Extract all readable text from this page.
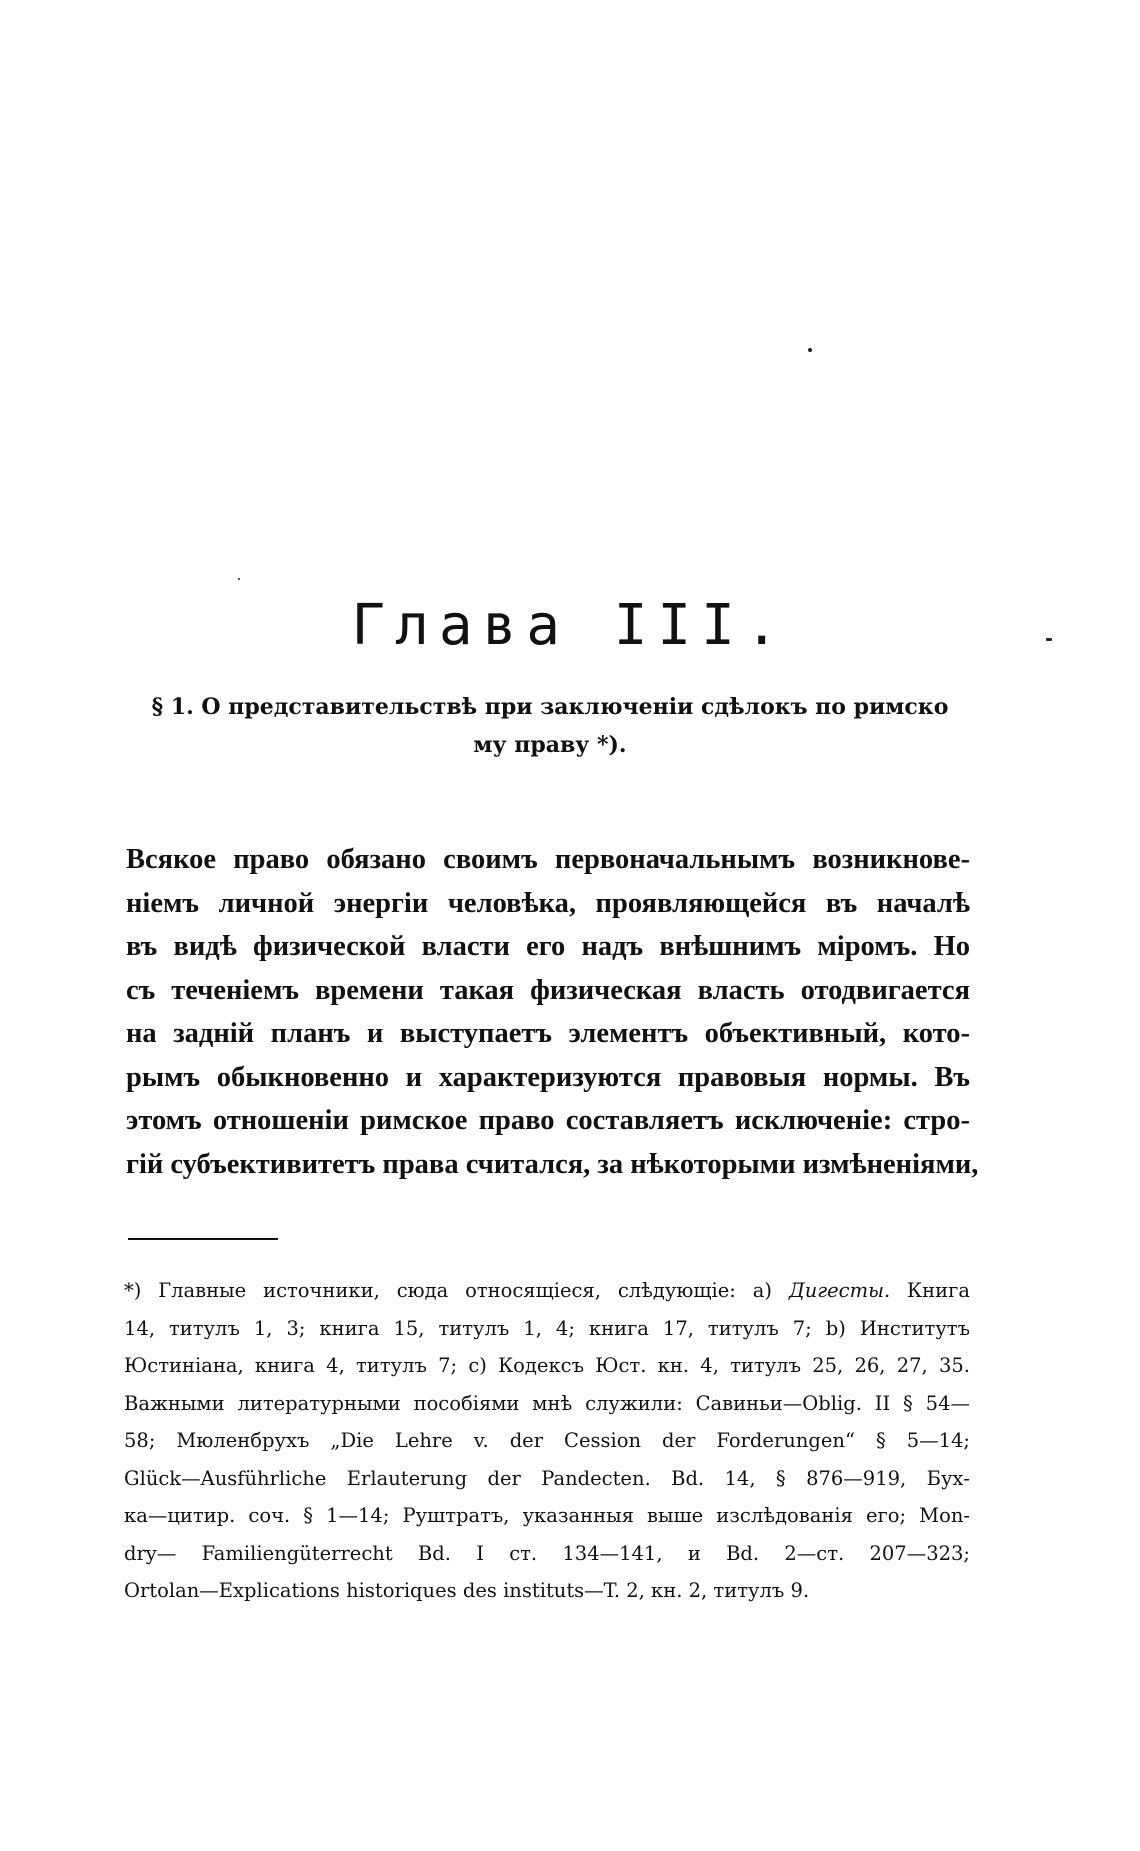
Глава III.

§ 1. О представительствѣ при заключеніи сдѣлокъ по римско
му праву *).

Всякое право обязано своимъ первоначальнымъ возникнове-
ніемъ личной энергіи человѣка, проявляющейся въ началѣ
въ видѣ физической власти его надъ внѣшнимъ міромъ. Но
съ теченіемъ времени такая физическая власть отодвигается
на задній планъ и выступаетъ элементъ объективный, кото-
рымъ обыкновенно и характеризуются правовыя нормы. Въ
этомъ отношеніи римское право составляетъ исключеніе: стро-
гій субъективитетъ права считался, за нѣкоторыми измѣненіями,
*) Главные источники, сюда относящіеся, слѣдующіе: а) Дигесты. Книга
14, титулъ 1, 3; книга 15, титулъ 1, 4; книга 17, титулъ 7; b) Институтъ
Юстиніана, книга 4, титулъ 7; с) Кодексъ Юст. кн. 4, титулъ 25, 26, 27, 35.
Важными литературными пособіями мнѣ служили: Савиньи—Oblig. II § 54—
58; Мюленбрухъ „Die Lehre v. der Cession der Forderungen“ § 5—14;
Glück—Ausführliche Erlauterung der Pandecten. Bd. 14, § 876—919, Бух-
ка—цитир. соч. § 1—14; Руштратъ, указанныя выше изслѣдованія его; Mon-
dry— Familiengüterrecht Bd. I ст. 134—141, и Bd. 2—ст. 207—323;
Ortolan—Explications historiques des instituts—T. 2, кн. 2, титулъ 9.
